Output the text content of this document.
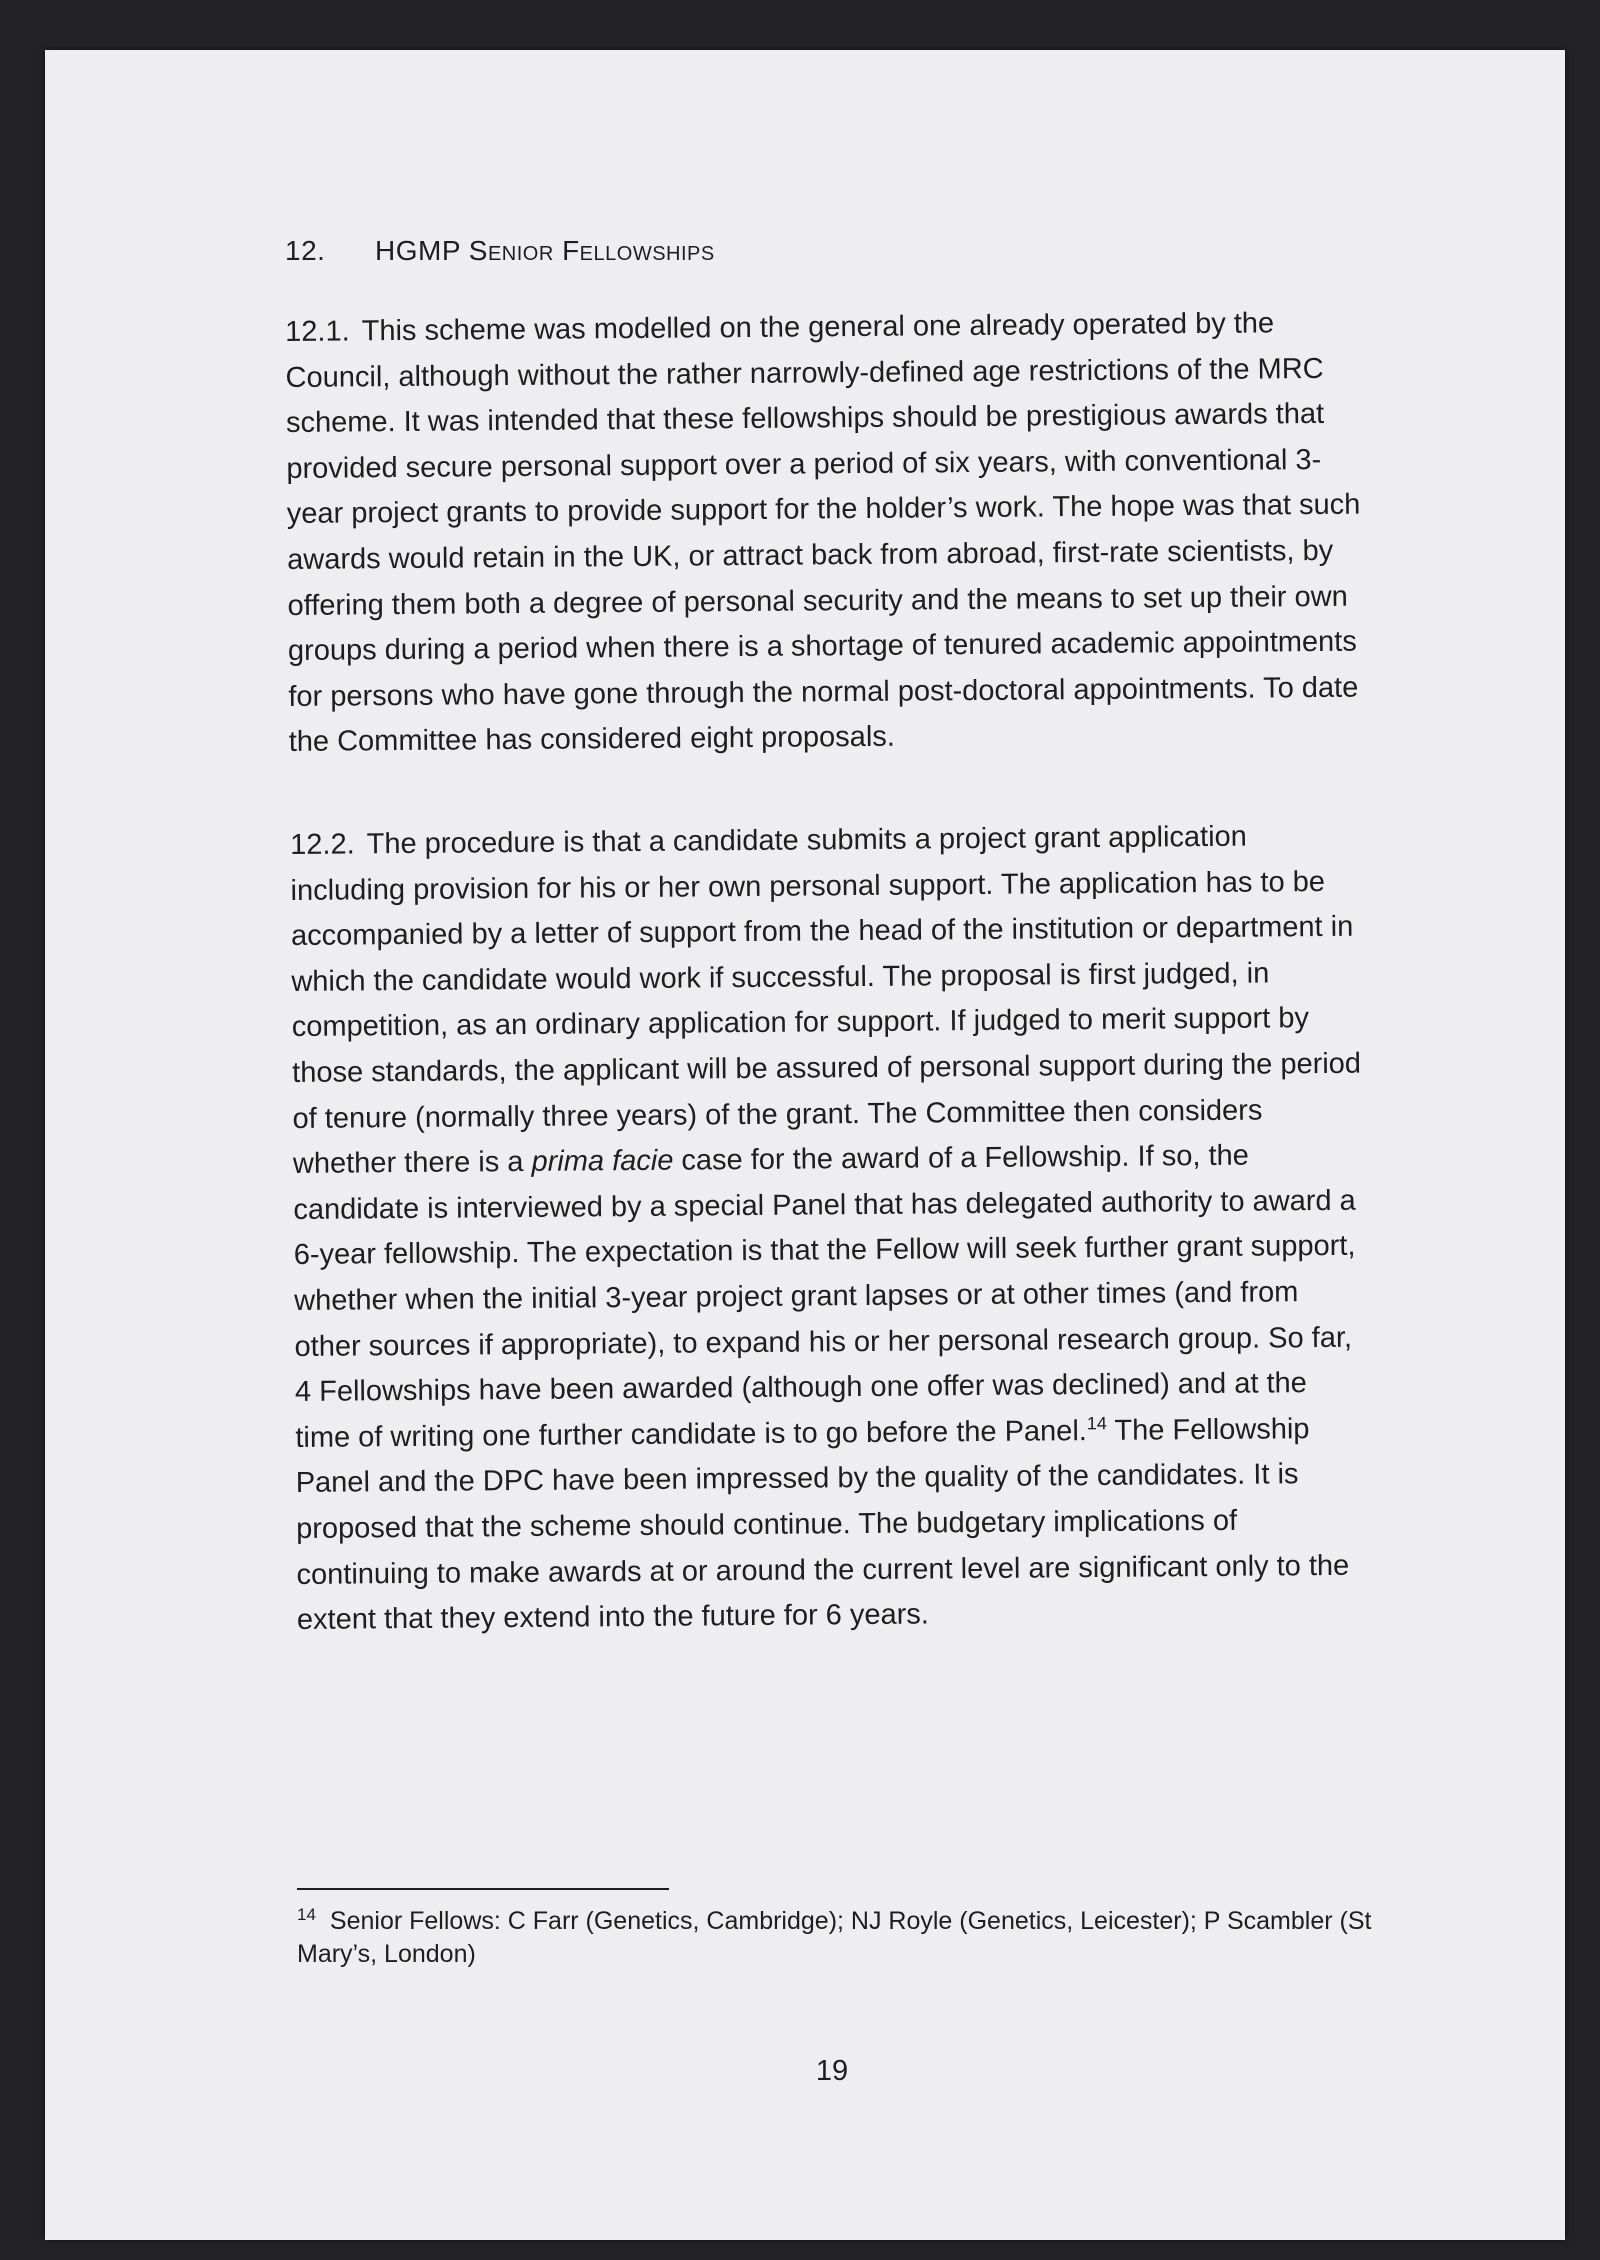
12. HGMP Senior Fellowships

12.1. This scheme was modelled on the general one already operated by the Council, although without the rather narrowly-defined age restrictions of the MRC scheme. It was intended that these fellowships should be prestigious awards that provided secure personal support over a period of six years, with conventional 3-year project grants to provide support for the holder’s work. The hope was that such awards would retain in the UK, or attract back from abroad, first-rate scientists, by offering them both a degree of personal security and the means to set up their own groups during a period when there is a shortage of tenured academic appointments for persons who have gone through the normal post-doctoral appointments. To date the Committee has considered eight proposals.

12.2. The procedure is that a candidate submits a project grant application including provision for his or her own personal support. The application has to be accompanied by a letter of support from the head of the institution or department in which the candidate would work if successful. The proposal is first judged, in competition, as an ordinary application for support. If judged to merit support by those standards, the applicant will be assured of personal support during the period of tenure (normally three years) of the grant. The Committee then considers whether there is a prima facie case for the award of a Fellowship. If so, the candidate is interviewed by a special Panel that has delegated authority to award a 6-year fellowship. The expectation is that the Fellow will seek further grant support, whether when the initial 3-year project grant lapses or at other times (and from other sources if appropriate), to expand his or her personal research group. So far, 4 Fellowships have been awarded (although one offer was declined) and at the time of writing one further candidate is to go before the Panel.$^{14}$ The Fellowship Panel and the DPC have been impressed by the quality of the candidates. It is proposed that the scheme should continue. The budgetary implications of continuing to make awards at or around the current level are significant only to the extent that they extend into the future for 6 years.

$^{14}$ Senior Fellows: C Farr (Genetics, Cambridge); NJ Royle (Genetics, Leicester); P Scambler (St Mary’s, London)
19
